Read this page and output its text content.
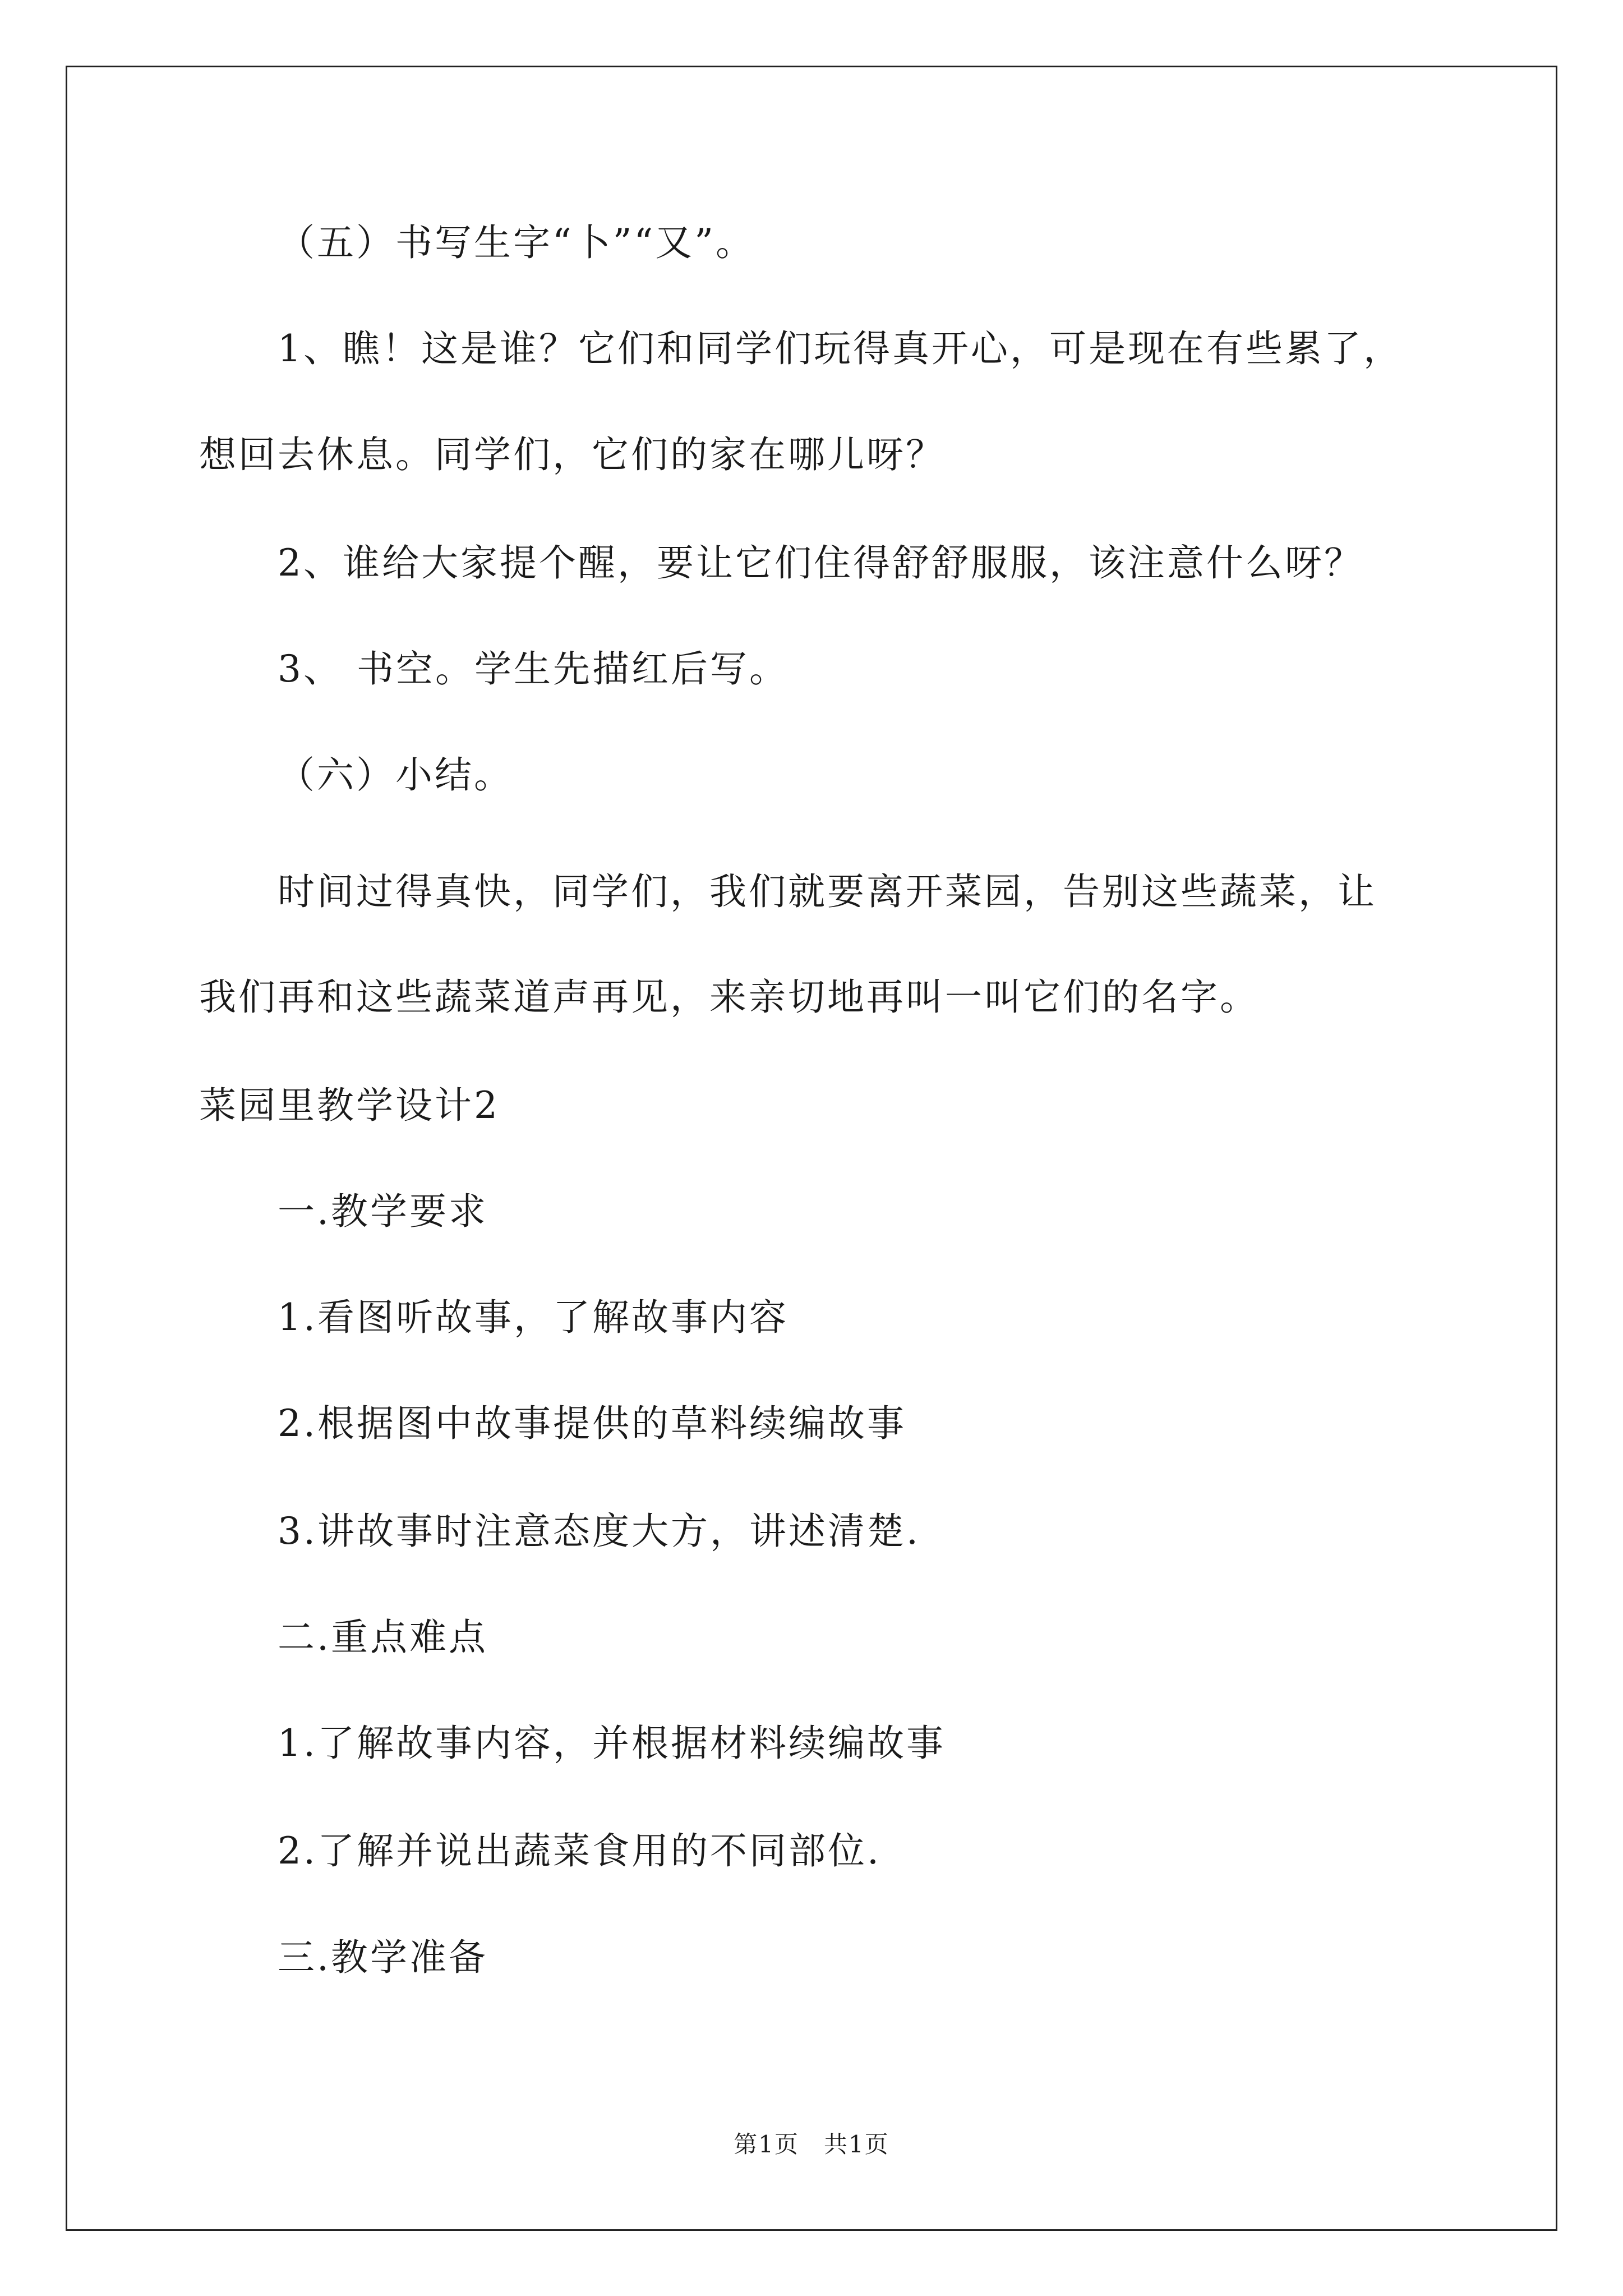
（五）书写生字“卜”“又”。
1、瞧！这是谁？它们和同学们玩得真开心，可是现在有些累了，
想回去休息。同学们，它们的家在哪儿呀？
2、谁给大家提个醒，要让它们住得舒舒服服，该注意什么呀？
3、 书空。学生先描红后写。
（六）小结。
时间过得真快，同学们，我们就要离开菜园，告别这些蔬菜，让
我们再和这些蔬菜道声再见，来亲切地再叫一叫它们的名字。
菜园里教学设计2
一.教学要求
1.看图听故事，了解故事内容
2.根据图中故事提供的草料续编故事
3.讲故事时注意态度大方，讲述清楚.
二.重点难点
1.了解故事内容，并根据材料续编故事
2.了解并说出蔬菜食用的不同部位.
三.教学准备
第1页　共1页
